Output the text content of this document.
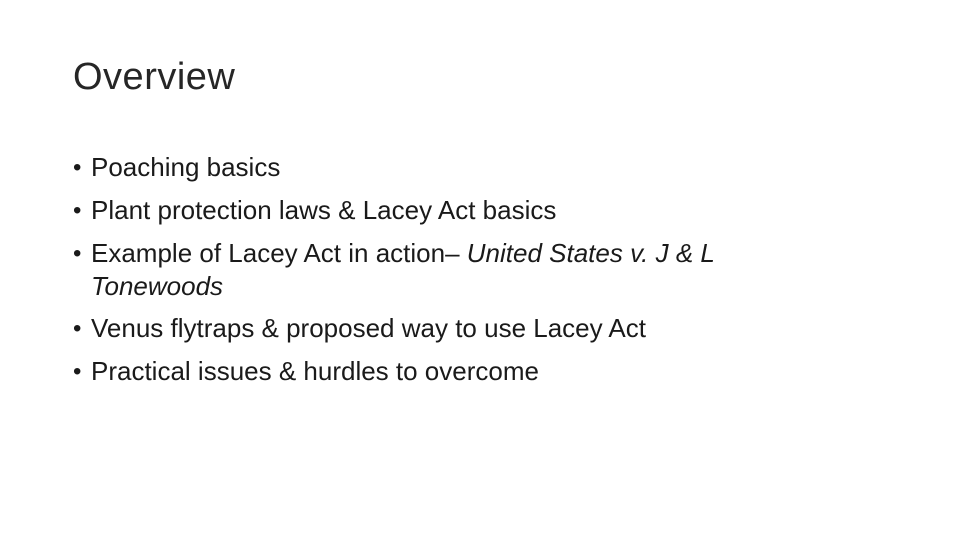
Overview
• Poaching basics
• Plant protection laws & Lacey Act basics
• Example of Lacey Act in action– United States v. J & L
Tonewoods
• Venus flytraps & proposed way to use Lacey Act
• Practical issues & hurdles to overcome
